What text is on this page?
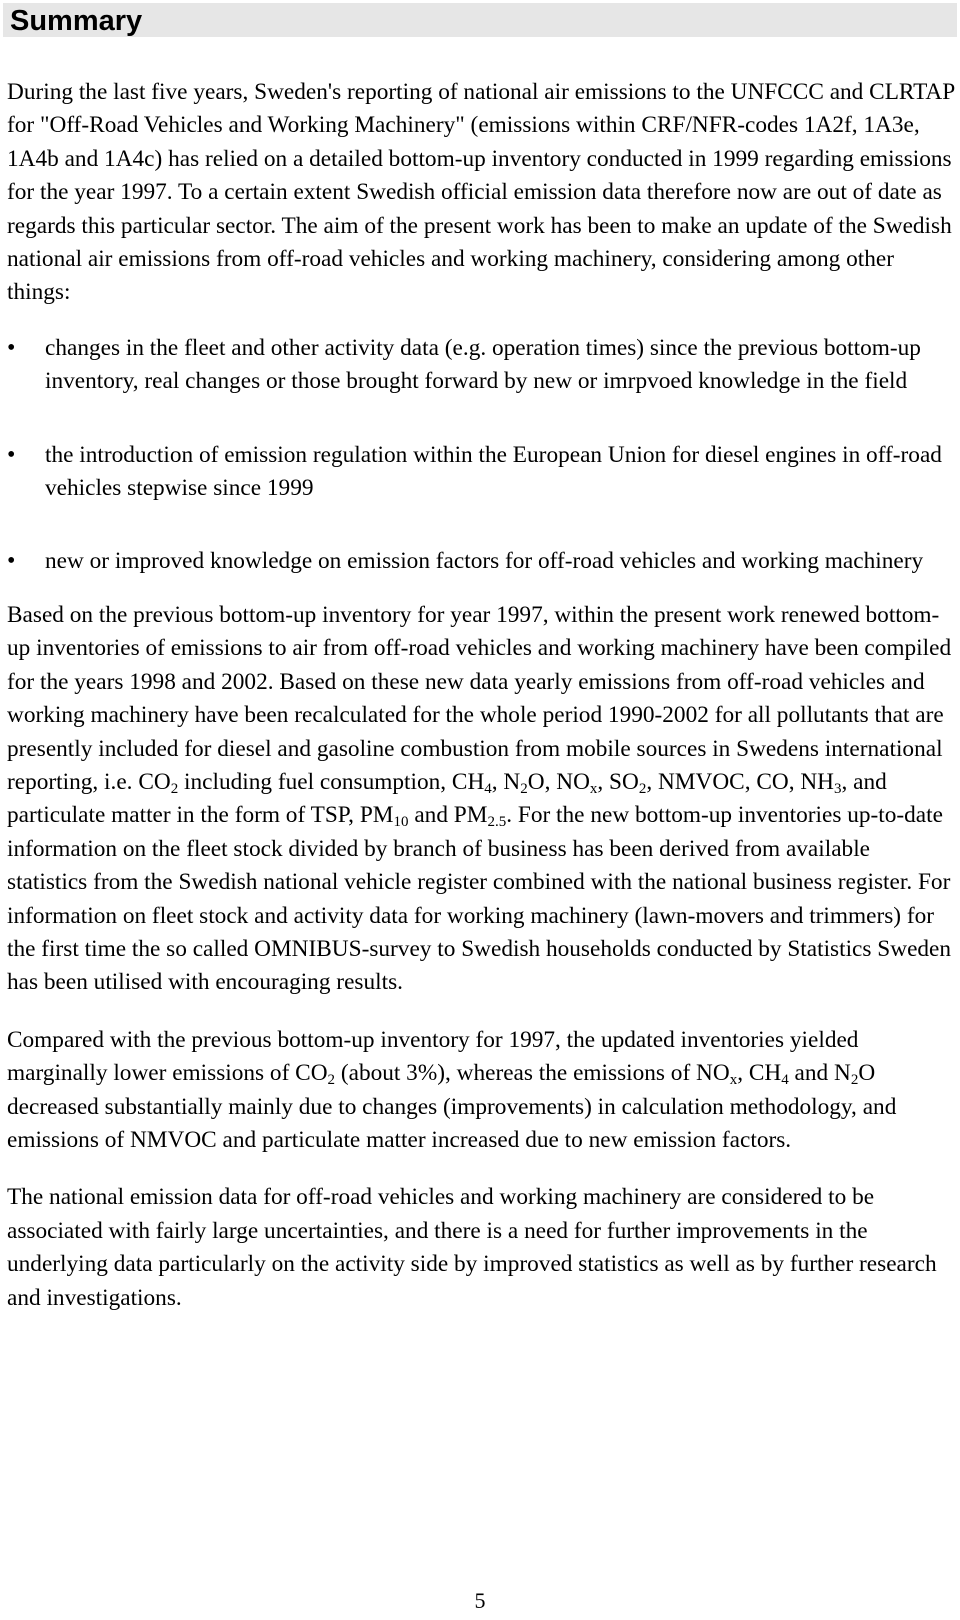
Summary

During the last five years, Sweden's reporting of national air emissions to the UNFCCC and CLRTAP for "Off-Road Vehicles and Working Machinery" (emissions within CRF/NFR-codes 1A2f, 1A3e, 1A4b and 1A4c) has relied on a detailed bottom-up inventory conducted in 1999 regarding emissions for the year 1997. To a certain extent Swedish official emission data therefore now are out of date as regards this particular sector. The aim of the present work has been to make an update of the Swedish national air emissions from off-road vehicles and working machinery, considering among other things:

• changes in the fleet and other activity data (e.g. operation times) since the previous bottom-up inventory, real changes or those brought forward by new or imrpvoed knowledge in the field
• the introduction of emission regulation within the European Union for diesel engines in off-road vehicles stepwise since 1999
• new or improved knowledge on emission factors for off-road vehicles and working machinery

Based on the previous bottom-up inventory for year 1997, within the present work renewed bottom-up inventories of emissions to air from off-road vehicles and working machinery have been compiled for the years 1998 and 2002. Based on these new data yearly emissions from off-road vehicles and working machinery have been recalculated for the whole period 1990-2002 for all pollutants that are presently included for diesel and gasoline combustion from mobile sources in Swedens international reporting, i.e. $CO_2$ including fuel consumption, $CH_4$, $N_2O$, $NO_x$, $SO_2$, NMVOC, CO, $NH_3$, and particulate matter in the form of TSP, $PM_{10}$ and $PM_{2.5}$. For the new bottom-up inventories up-to-date information on the fleet stock divided by branch of business has been derived from available statistics from the Swedish national vehicle register combined with the national business register. For information on fleet stock and activity data for working machinery (lawn-movers and trimmers) for the first time the so called OMNIBUS-survey to Swedish households conducted by Statistics Sweden has been utilised with encouraging results.

Compared with the previous bottom-up inventory for 1997, the updated inventories yielded marginally lower emissions of $CO_2$ (about 3%), whereas the emissions of $NO_x$, $CH_4$ and $N_2O$ decreased substantially mainly due to changes (improvements) in calculation methodology, and emissions of NMVOC and particulate matter increased due to new emission factors.

The national emission data for off-road vehicles and working machinery are considered to be associated with fairly large uncertainties, and there is a need for further improvements in the underlying data particularly on the activity side by improved statistics as well as by further research and investigations.

5
